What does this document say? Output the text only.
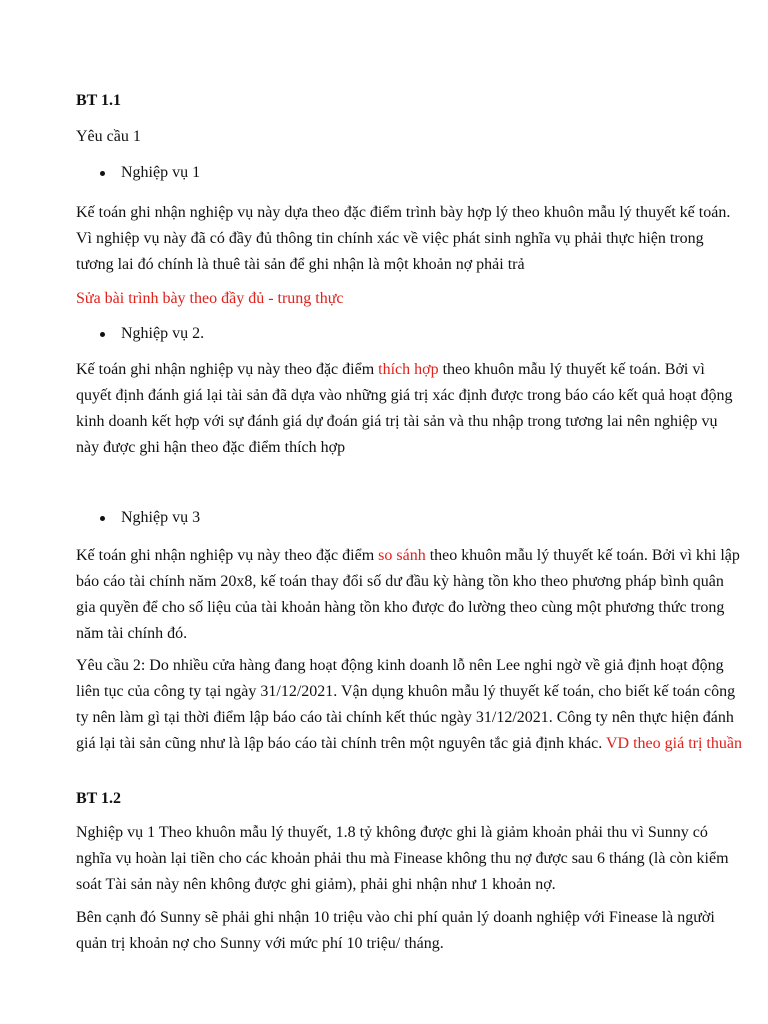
BT 1.1

Yêu cầu 1

Nghiệp vụ 1

Kế toán ghi nhận nghiệp vụ này dựa theo đặc điểm trình bày hợp lý theo khuôn mẫu lý thuyết kế toán. Vì nghiệp vụ này đã có đầy đủ thông tin chính xác về việc phát sinh nghĩa vụ phải thực hiện trong tương lai đó chính là thuê tài sản để ghi nhận là một khoản nợ phải trả

Sửa bài trình bày theo đầy đủ - trung thực

Nghiệp vụ 2.

Kế toán ghi nhận nghiệp vụ này theo đặc điểm thích hợp theo khuôn mẫu lý thuyết kế toán. Bởi vì quyết định đánh giá lại tài sản đã dựa vào những giá trị xác định được trong báo cáo kết quả hoạt động kinh doanh kết hợp với sự đánh giá dự đoán giá trị tài sản và thu nhập trong tương lai nên nghiệp vụ này được ghi hận theo đặc điểm thích hợp

Nghiệp vụ 3

Kế toán ghi nhận nghiệp vụ này theo đặc điểm so sánh theo khuôn mẫu lý thuyết kế toán. Bởi vì khi lập báo cáo tài chính năm 20x8, kế toán thay đổi số dư đầu kỳ hàng tồn kho theo phương pháp bình quân gia quyền để cho số liệu của tài khoản hàng tồn kho được đo lường theo cùng một phương thức trong năm tài chính đó.

Yêu cầu 2: Do nhiều cửa hàng đang hoạt động kinh doanh lỗ nên Lee nghi ngờ về giả định hoạt động liên tục của công ty tại ngày 31/12/2021. Vận dụng khuôn mẫu lý thuyết kế toán, cho biết kế toán công ty nên làm gì tại thời điểm lập báo cáo tài chính kết thúc ngày 31/12/2021. Công ty nên thực hiện đánh giá lại tài sản cũng như là lập báo cáo tài chính trên một nguyên tắc giả định khác. VD theo giá trị thuần

BT 1.2

Nghiệp vụ 1 Theo khuôn mẫu lý thuyết, 1.8 tỷ không được ghi là giảm khoản phải thu vì Sunny có nghĩa vụ hoàn lại tiền cho các khoản phải thu mà Finease không thu nợ được sau 6 tháng (là còn kiểm soát Tài sản này nên không được ghi giảm), phải ghi nhận như 1 khoản nợ.

Bên cạnh đó Sunny sẽ phải ghi nhận 10 triệu vào chi phí quản lý doanh nghiệp với Finease là người quản trị khoản nợ cho Sunny với mức phí 10 triệu/ tháng.
